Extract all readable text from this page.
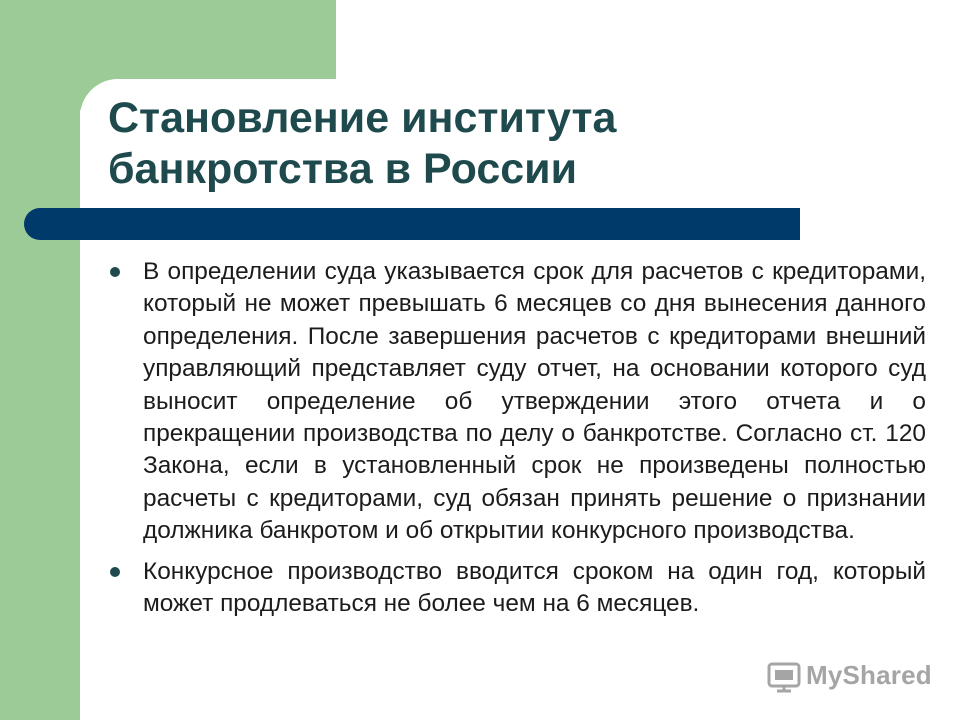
Становление института
банкротства в России
В определении суда указывается срок для расчетов с кредиторами, который не может превышать 6 месяцев со дня вынесения данного определения. После завершения расчетов с кредиторами внешний управляющий представляет суду отчет, на основании которого суд выносит определение об утверждении этого отчета и о прекращении производства по делу о банкротстве. Согласно ст. 120 Закона, если в установленный срок не произведены полностью расчеты с кредиторами, суд обязан принять решение о признании должника банкротом и об открытии конкурсного производства.
Конкурсное производство вводится сроком на один год, который может продлеваться не более чем на 6 месяцев.
MyShared
